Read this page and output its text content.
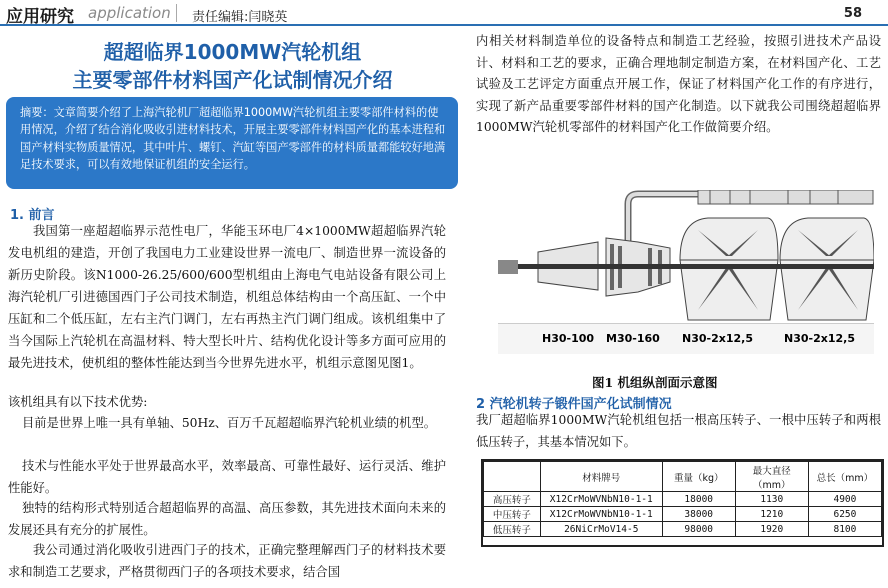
应用研究 application 责任编辑:闫晓英	58
超超临界1000MW汽轮机组
主要零部件材料国产化试制情况介绍
摘要：文章简要介绍了上海汽轮机厂超超临界1000MW汽轮机组主要零部件材料的使用情况，介绍了结合消化吸收引进材料技术，开展主要零部件材料国产化的基本进程和国产材料实物质量情况，其中叶片、螺钉、汽缸等国产零部件的材料质量都能较好地满足技术要求，可以有效地保证机组的安全运行。
1. 前言
我国第一座超超临界示范性电厂，华能玉环电厂4×1000MW超超临界汽轮发电机组的建造，开创了我国电力工业建设世界一流电厂、制造世界一流设备的新历史阶段。该N1000-26.25/600/600型机组由上海电气电站设备有限公司上海汽轮机厂引进德国西门子公司技术制造，机组总体结构由一个高压缸、一个中压缸和二个低压缸，左右主汽门调门，左右再热主汽门调门组成。该机组集中了当今国际上汽轮机在高温材料、特大型长叶片、结构优化设计等多方面可应用的最先进技术，使机组的整体性能达到当今世界先进水平，机组示意图见图1。
该机组具有以下技术优势:
目前是世界上唯一具有单轴、50Hz、百万千瓦超超临界汽轮机业绩的机型。
技术与性能水平处于世界最高水平，效率最高、可靠性最好、运行灵活、维护性能好。
独特的结构形式特别适合超超临界的高温、高压参数，其先进技术面向未来的发展还具有充分的扩展性。
我公司通过消化吸收引进西门子的技术，正确完整理解西门子的材料技术要求和制造工艺要求，严格贯彻西门子的各项技术要求，结合国
内相关材料制造单位的设备特点和制造工艺经验，按照引进技术产品设计、材料和工艺的要求，正确合理地制定制造方案，在材料国产化、工艺试验及工艺评定方面重点开展工作，保证了材料国产化工作的有序进行，实现了新产品重要零部件材料的国产化制造。以下就我公司围绕超超临界1000MW汽轮机零部件的材料国产化工作做简要介绍。
H30-100 M30-160 N30-2x12,5	N30-2x12,5
图1 机组纵剖面示意图
2 汽轮机转子锻件国产化试制情况
我厂超超临界1000MW汽轮机组包括一根高压转子、一根中压转子和两根低压转子，其基本情况如下。
	材料牌号	重量（kg）	最大直径（mm）	总长（mm）
高压转子	X12CrMoWVNbN10-1-1	18000	1130	4900
中压转子	X12CrMoWVNbN10-1-1	38000	1210	6250
低压转子	26NiCrMoV14-5	98000	1920	8100
